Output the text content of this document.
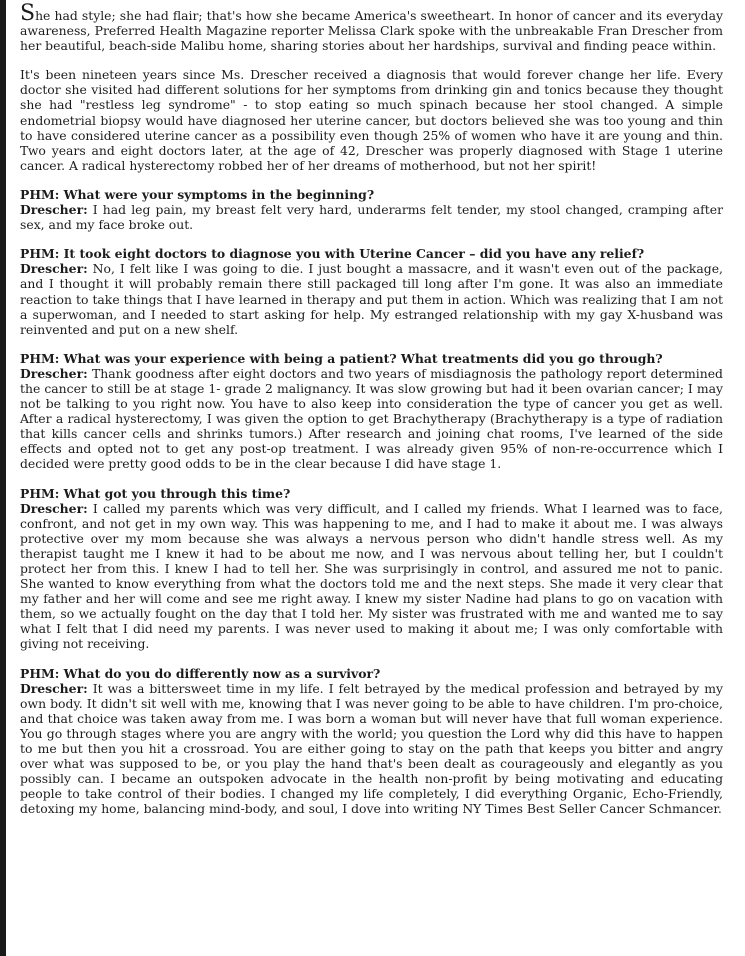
She had style; she had flair; that's how she became America's sweetheart. In honor of cancer and its everyday awareness, Preferred Health Magazine reporter Melissa Clark spoke with the unbreakable Fran Drescher from her beautiful, beach-side Malibu home, sharing stories about her hardships, survival and finding peace within.

It's been nineteen years since Ms. Drescher received a diagnosis that would forever change her life. Every doctor she visited had different solutions for her symptoms from drinking gin and tonics because they thought she had "restless leg syndrome" - to stop eating so much spinach because her stool changed. A simple endometrial biopsy would have diagnosed her uterine cancer, but doctors believed she was too young and thin to have considered uterine cancer as a possibility even though 25% of women who have it are young and thin. Two years and eight doctors later, at the age of 42, Drescher was properly diagnosed with Stage 1 uterine cancer. A radical hysterectomy robbed her of her dreams of motherhood, but not her spirit!

PHM: What were your symptoms in the beginning?

Drescher: I had leg pain, my breast felt very hard, underarms felt tender, my stool changed, cramping after sex, and my face broke out.

PHM: It took eight doctors to diagnose you with Uterine Cancer – did you have any relief?

Drescher: No, I felt like I was going to die. I just bought a massacre, and it wasn't even out of the package, and I thought it will probably remain there still packaged till long after I'm gone. It was also an immediate reaction to take things that I have learned in therapy and put them in action. Which was realizing that I am not a superwoman, and I needed to start asking for help. My estranged relationship with my gay X-husband was reinvented and put on a new shelf.

PHM: What was your experience with being a patient? What treatments did you go through?

Drescher: Thank goodness after eight doctors and two years of misdiagnosis the pathology report determined the cancer to still be at stage 1- grade 2 malignancy. It was slow growing but had it been ovarian cancer; I may not be talking to you right now. You have to also keep into consideration the type of cancer you get as well. After a radical hysterectomy, I was given the option to get Brachytherapy (Brachytherapy is a type of radiation that kills cancer cells and shrinks tumors.) After research and joining chat rooms, I've learned of the side effects and opted not to get any post-op treatment. I was already given 95% of non-re-occurrence which I decided were pretty good odds to be in the clear because I did have stage 1.

PHM: What got you through this time?

Drescher: I called my parents which was very difficult, and I called my friends. What I learned was to face, confront, and not get in my own way. This was happening to me, and I had to make it about me. I was always protective over my mom because she was always a nervous person who didn't handle stress well. As my therapist taught me I knew it had to be about me now, and I was nervous about telling her, but I couldn't protect her from this. I knew I had to tell her. She was surprisingly in control, and assured me not to panic. She wanted to know everything from what the doctors told me and the next steps. She made it very clear that my father and her will come and see me right away. I knew my sister Nadine had plans to go on vacation with them, so we actually fought on the day that I told her. My sister was frustrated with me and wanted me to say what I felt that I did need my parents. I was never used to making it about me; I was only comfortable with giving not receiving.

PHM: What do you do differently now as a survivor?

Drescher: It was a bittersweet time in my life. I felt betrayed by the medical profession and betrayed by my own body. It didn't sit well with me, knowing that I was never going to be able to have children. I'm pro-choice, and that choice was taken away from me. I was born a woman but will never have that full woman experience. You go through stages where you are angry with the world; you question the Lord why did this have to happen to me but then you hit a crossroad. You are either going to stay on the path that keeps you bitter and angry over what was supposed to be, or you play the hand that's been dealt as courageously and elegantly as you possibly can. I became an outspoken advocate in the health non-profit by being motivating and educating people to take control of their bodies. I changed my life completely, I did everything Organic, Echo-Friendly, detoxing my home, balancing mind-body, and soul, I dove into writing NY Times Best Seller Cancer Schmancer.
